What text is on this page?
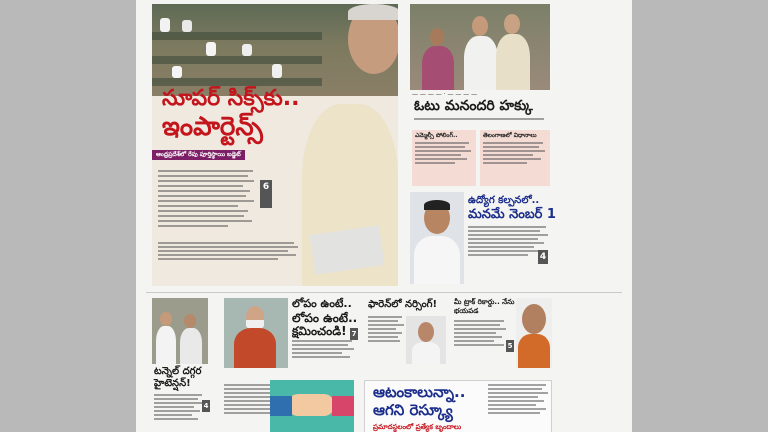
సూపర్ సిక్స్‌కు..
ఇంపార్టెన్స్
ఆంధ్రప్రదేశ్‌లో రేపు పూర్తిస్థాయి బడ్జెట్
6
— — — — · — — — —
ఓటు మనందరి హక్కు
ఎమ్మెల్సీ పోలింగ్..	తెలంగాణలో విధానాలు
ఉద్యోగ కల్పనలో..
మనమే నెంబర్ 1
4
టన్నెల్ దగ్గర హైటెన్షన్!
4
లోపం ఉంటే..
లోపం ఉంటే.. క్షమించండి! 7
ఫారెన్‌లో నర్సింగ్! మీ ట్రాక్ రికార్డు.. నేను భయపడ
5
ఆటంకాలున్నా..
ఆగని రెస్క్యూ
ప్రమాదస్థలంలో ప్రత్యేక బృందాలు
